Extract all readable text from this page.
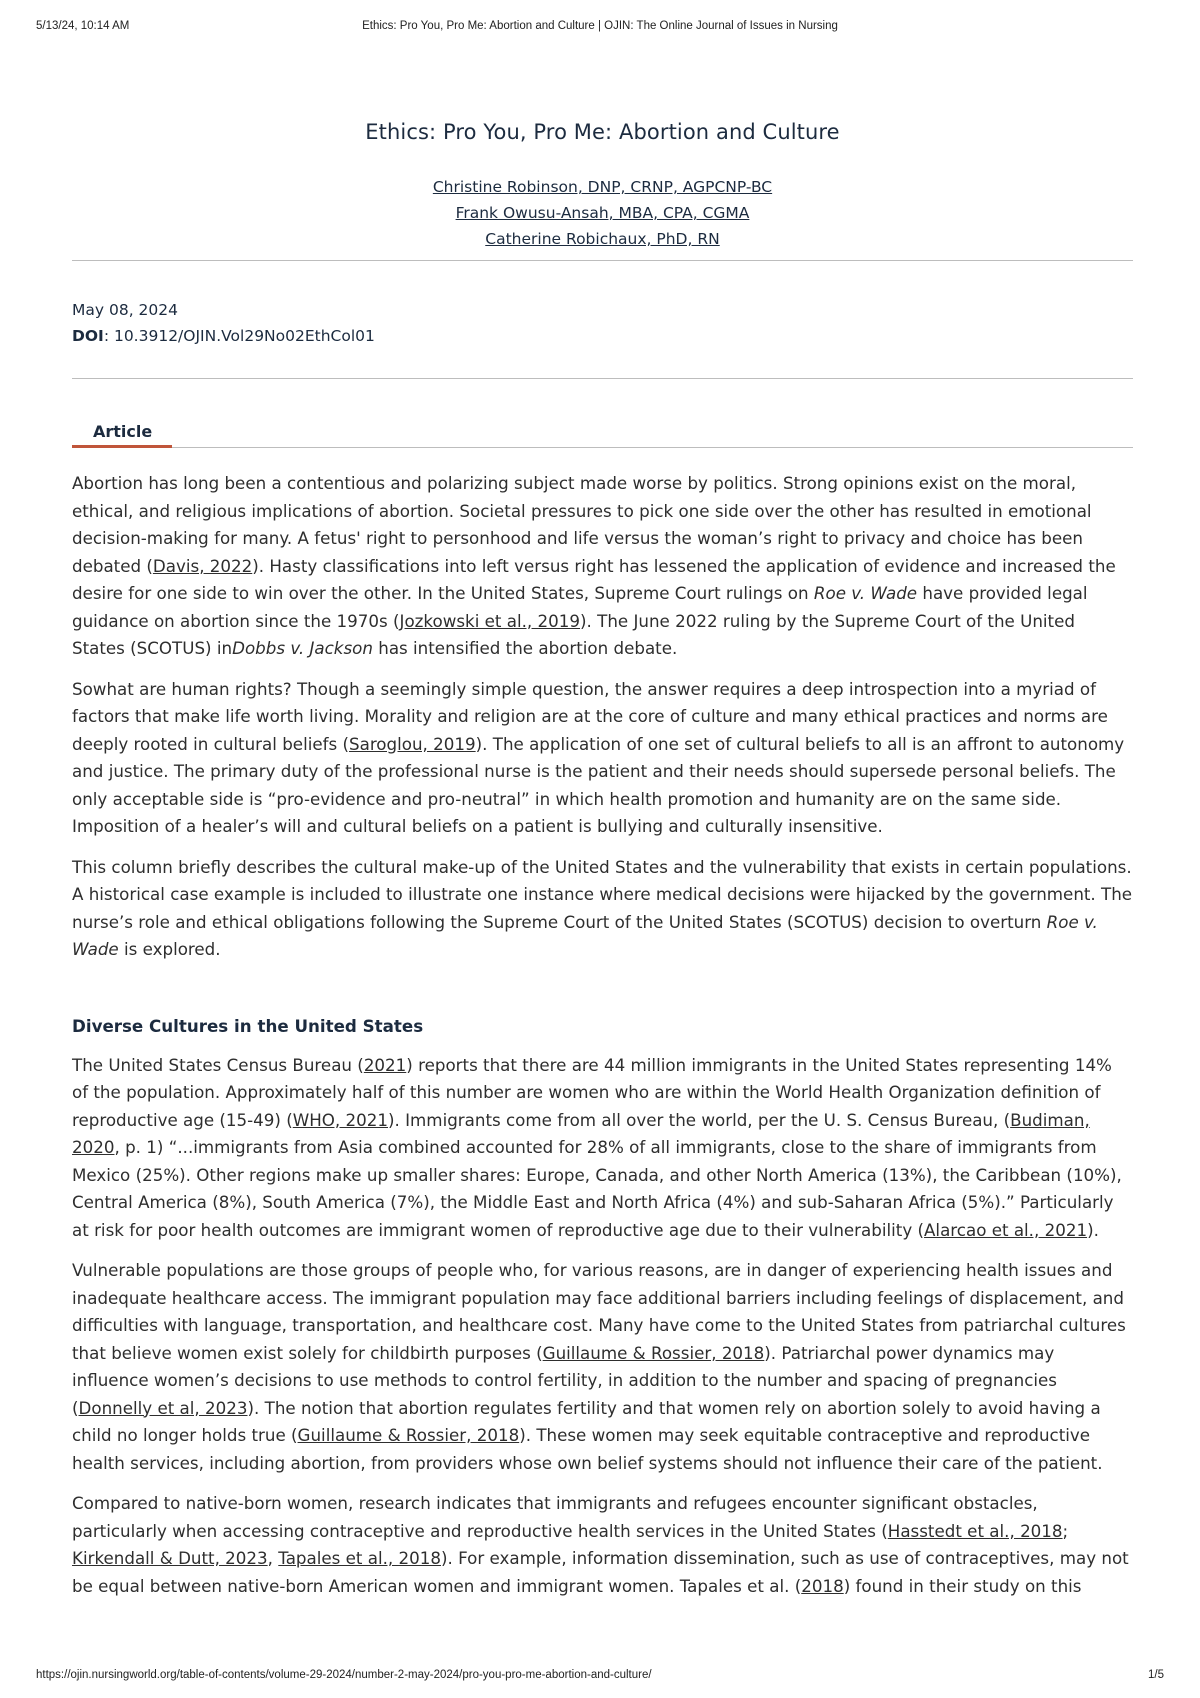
5/13/24, 10:14 AM	Ethics: Pro You, Pro Me: Abortion and Culture | OJIN: The Online Journal of Issues in Nursing
Ethics: Pro You, Pro Me: Abortion and Culture
Christine Robinson, DNP, CRNP, AGPCNP-BC
Frank Owusu-Ansah, MBA, CPA, CGMA
Catherine Robichaux, PhD, RN
May 08, 2024
DOI: 10.3912/OJIN.Vol29No02EthCol01
Article

Abortion has long been a contentious and polarizing subject made worse by politics. Strong opinions exist on the moral, ethical, and religious implications of abortion. Societal pressures to pick one side over the other has resulted in emotional decision-making for many. A fetus' right to personhood and life versus the woman’s right to privacy and choice has been debated (Davis, 2022). Hasty classifications into left versus right has lessened the application of evidence and increased the desire for one side to win over the other. In the United States, Supreme Court rulings on Roe v. Wade have provided legal guidance on abortion since the 1970s (Jozkowski et al., 2019). The June 2022 ruling by the Supreme Court of the United States (SCOTUS) inDobbs v. Jackson has intensified the abortion debate.

Sowhat are human rights? Though a seemingly simple question, the answer requires a deep introspection into a myriad of factors that make life worth living. Morality and religion are at the core of culture and many ethical practices and norms are deeply rooted in cultural beliefs (Saroglou, 2019). The application of one set of cultural beliefs to all is an affront to autonomy and justice. The primary duty of the professional nurse is the patient and their needs should supersede personal beliefs. The only acceptable side is “pro-evidence and pro-neutral” in which health promotion and humanity are on the same side. Imposition of a healer’s will and cultural beliefs on a patient is bullying and culturally insensitive.

This column briefly describes the cultural make-up of the United States and the vulnerability that exists in certain populations. A historical case example is included to illustrate one instance where medical decisions were hijacked by the government. The nurse’s role and ethical obligations following the Supreme Court of the United States (SCOTUS) decision to overturn Roe v. Wade is explored.

Diverse Cultures in the United States

The United States Census Bureau (2021) reports that there are 44 million immigrants in the United States representing 14% of the population. Approximately half of this number are women who are within the World Health Organization definition of reproductive age (15-49) (WHO, 2021). Immigrants come from all over the world, per the U. S. Census Bureau, (Budiman, 2020, p. 1) “...immigrants from Asia combined accounted for 28% of all immigrants, close to the share of immigrants from Mexico (25%). Other regions make up smaller shares: Europe, Canada, and other North America (13%), the Caribbean (10%), Central America (8%), South America (7%), the Middle East and North Africa (4%) and sub-Saharan Africa (5%).” Particularly at risk for poor health outcomes are immigrant women of reproductive age due to their vulnerability (Alarcao et al., 2021).

Vulnerable populations are those groups of people who, for various reasons, are in danger of experiencing health issues and inadequate healthcare access. The immigrant population may face additional barriers including feelings of displacement, and difficulties with language, transportation, and healthcare cost. Many have come to the United States from patriarchal cultures that believe women exist solely for childbirth purposes (Guillaume & Rossier, 2018). Patriarchal power dynamics may influence women’s decisions to use methods to control fertility, in addition to the number and spacing of pregnancies (Donnelly et al, 2023). The notion that abortion regulates fertility and that women rely on abortion solely to avoid having a child no longer holds true (Guillaume & Rossier, 2018). These women may seek equitable contraceptive and reproductive health services, including abortion, from providers whose own belief systems should not influence their care of the patient.

Compared to native-born women, research indicates that immigrants and refugees encounter significant obstacles, particularly when accessing contraceptive and reproductive health services in the United States (Hasstedt et al., 2018; Kirkendall & Dutt, 2023, Tapales et al., 2018). For example, information dissemination, such as use of contraceptives, may not be equal between native-born American women and immigrant women. Tapales et al. (2018) found in their study on this

https://ojin.nursingworld.org/table-of-contents/volume-29-2024/number-2-may-2024/pro-you-pro-me-abortion-and-culture/	1/5
